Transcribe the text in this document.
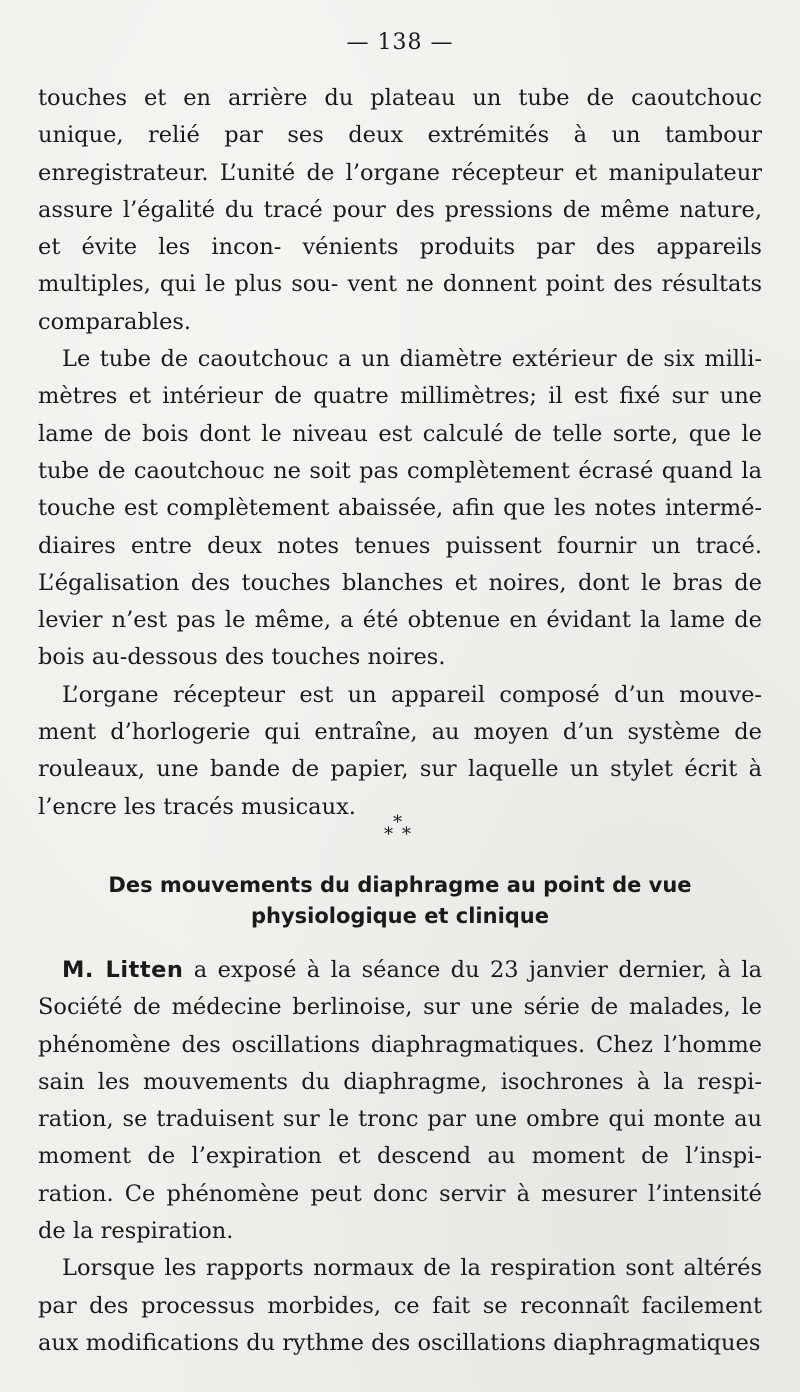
— 138 —

touches et en arrière du plateau un tube de caoutchouc unique, relié par ses deux extrémités à un tambour enregistrateur. L’unité de l’organe récepteur et manipulateur assure l’égalité du tracé pour des pressions de même nature, et évite les incon- vénients produits par des appareils multiples, qui le plus sou- vent ne donnent point des résultats comparables.

Le tube de caoutchouc a un diamètre extérieur de six milli- mètres et intérieur de quatre millimètres; il est fixé sur une lame de bois dont le niveau est calculé de telle sorte, que le tube de caoutchouc ne soit pas complètement écrasé quand la touche est complètement abaissée, afin que les notes intermé- diaires entre deux notes tenues puissent fournir un tracé. L’égalisation des touches blanches et noires, dont le bras de levier n’est pas le même, a été obtenue en évidant la lame de bois au-dessous des touches noires.

L’organe récepteur est un appareil composé d’un mouve- ment d’horlogerie qui entraîne, au moyen d’un système de rouleaux, une bande de papier, sur laquelle un stylet écrit à l’encre les tracés musicaux.

*
* *
Des mouvements du diaphragme au point de vue
physiologique et clinique

M. Litten a exposé à la séance du 23 janvier dernier, à la Société de médecine berlinoise, sur une série de malades, le phénomène des oscillations diaphragmatiques. Chez l’homme sain les mouvements du diaphragme, isochrones à la respi- ration, se traduisent sur le tronc par une ombre qui monte au moment de l’expiration et descend au moment de l’inspi- ration. Ce phénomène peut donc servir à mesurer l’intensité de la respiration.

Lorsque les rapports normaux de la respiration sont altérés par des processus morbides, ce fait se reconnaît facilement aux modifications du rythme des oscillations diaphragmatiques
